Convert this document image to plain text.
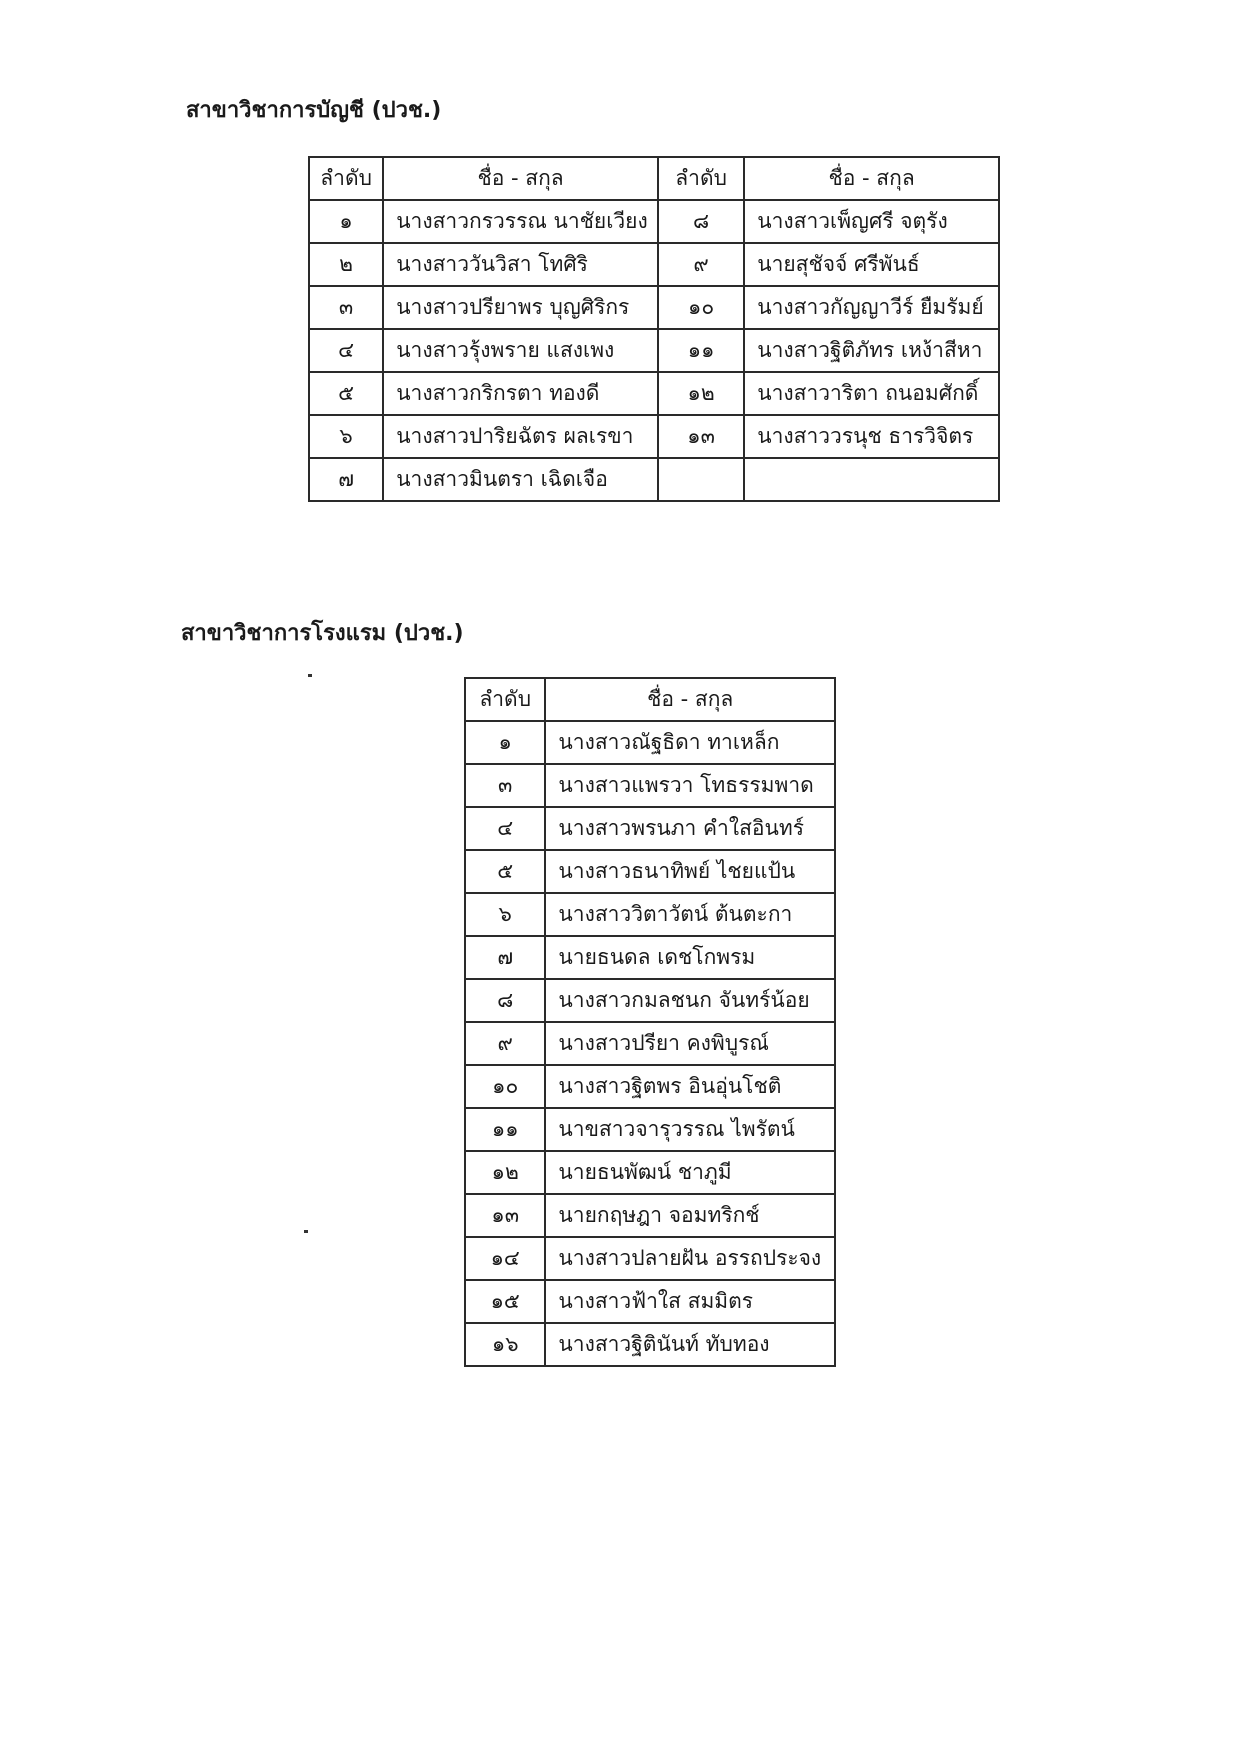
สาขาวิชาการบัญชี (ปวช.)
ลำดับ	ชื่อ - สกุล	ลำดับ	ชื่อ - สกุล
๑	นางสาวกรวรรณ นาชัยเวียง	๘	นางสาวเพ็ญศรี จตุรัง
๒	นางสาววันวิสา โทศิริ	๙	นายสุชัจจ์ ศรีพันธ์
๓	นางสาวปรียาพร บุญศิริกร	๑๐	นางสาวกัญญาวีร์ ยืมรัมย์
๔	นางสาวรุ้งพราย แสงเพง	๑๑	นางสาวฐิติภัทร เหง้าสีหา
๕	นางสาวกริกรตา ทองดี	๑๒	นางสาวาริตา ถนอมศักดิ์
๖	นางสาวปาริยฉัตร ผลเรขา	๑๓	นางสาววรนุช ธารวิจิตร
๗	นางสาวมินตรา เฉิดเจือ		
สาขาวิชาการโรงแรม (ปวช.)
ลำดับ	ชื่อ - สกุล
๑	นางสาวณัฐธิดา ทาเหล็ก
๓	นางสาวแพรวา โทธรรมพาด
๔	นางสาวพรนภา คำใสอินทร์
๕	นางสาวธนาทิพย์ ไชยแป้น
๖	นางสาววิตาวัตน์ ต้นตะกา
๗	นายธนดล เดชโกพรม
๘	นางสาวกมลชนก จันทร์น้อย
๙	นางสาวปรียา คงพิบูรณ์
๑๐	นางสาวฐิตพร อินอุ่นโชติ
๑๑	นาขสาวจารุวรรณ ไพรัตน์
๑๒	นายธนพัฒน์ ชาภูมี
๑๓	นายกฤษฎา จอมทริกช์
๑๔	นางสาวปลายฝัน อรรถประจง
๑๕	นางสาวฟ้าใส สมมิตร
๑๖	นางสาวฐิตินันท์ ทับทอง
